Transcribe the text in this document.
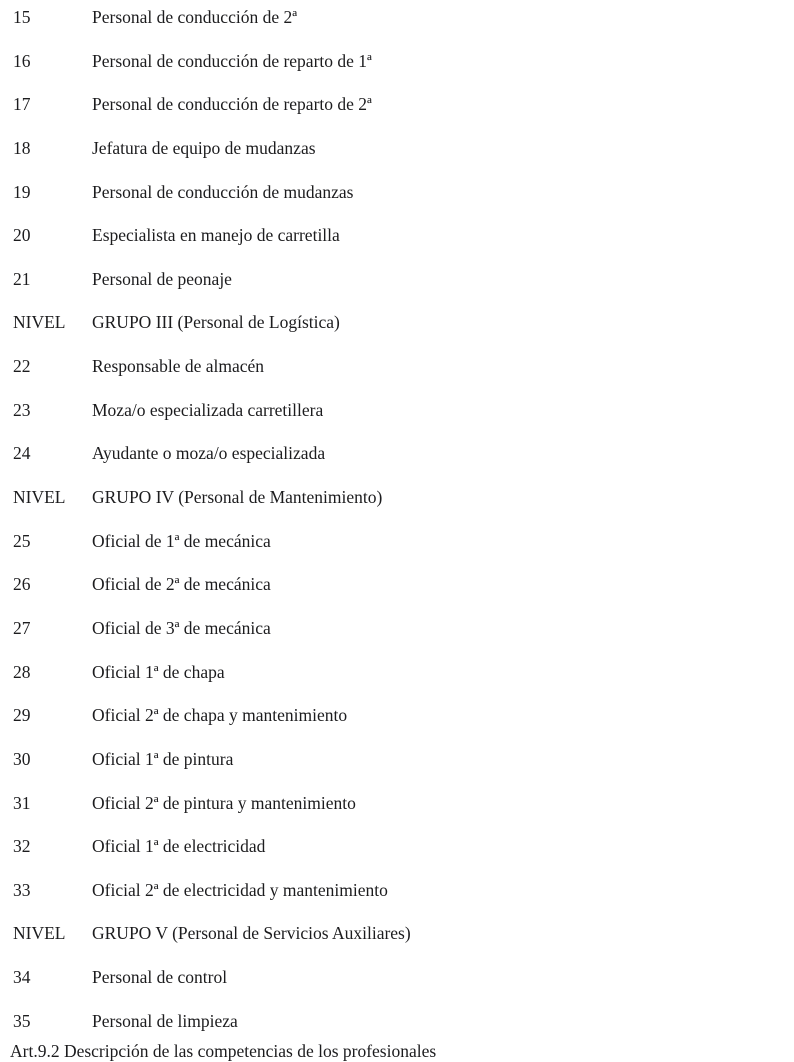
15	Personal de conducción de 2ª
16	Personal de conducción de reparto de 1ª
17	Personal de conducción de reparto de 2ª
18	Jefatura de equipo de mudanzas
19	Personal de conducción de mudanzas
20	Especialista en manejo de carretilla
21	Personal de peonaje
NIVEL	GRUPO III (Personal de Logística)
22	Responsable de almacén
23	Moza/o especializada carretillera
24	Ayudante o moza/o especializada
NIVEL	GRUPO IV (Personal de Mantenimiento)
25	Oficial de 1ª de mecánica
26	Oficial de 2ª de mecánica
27	Oficial de 3ª de mecánica
28	Oficial 1ª de chapa
29	Oficial 2ª de chapa y mantenimiento
30	Oficial 1ª de pintura
31	Oficial 2ª de pintura y mantenimiento
32	Oficial 1ª de electricidad
33	Oficial 2ª de electricidad y mantenimiento
NIVEL	GRUPO V (Personal de Servicios Auxiliares)
34	Personal de control
35	Personal de limpieza
Art.9.2 Descripción de las competencias de los profesionales
